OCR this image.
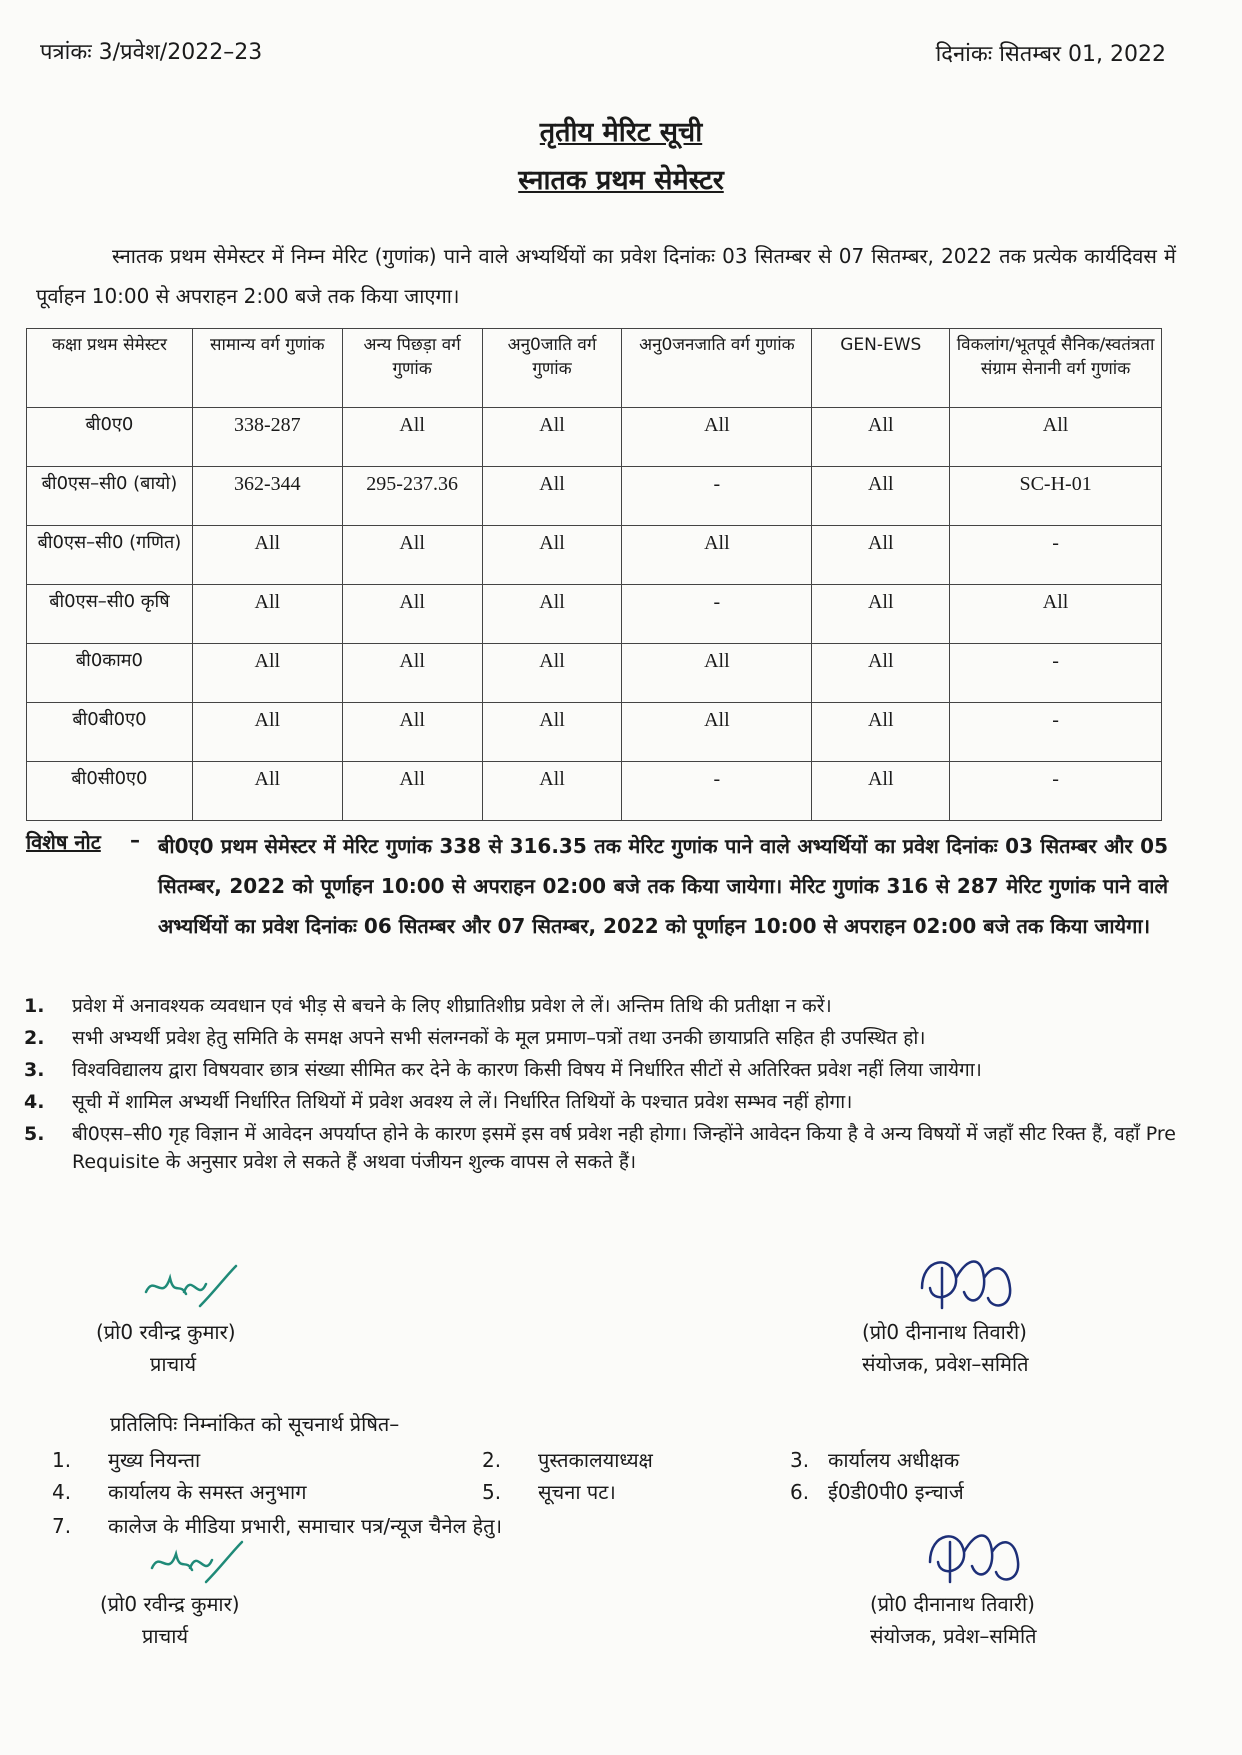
पत्रांकः 3/प्रवेश/2022–23	दिनांकः सितम्बर 01, 2022
तृतीय मेरिट सूची
स्नातक प्रथम सेमेस्टर
स्नातक प्रथम सेमेस्टर में निम्न मेरिट (गुणांक) पाने वाले अभ्यर्थियों का प्रवेश दिनांकः 03 सितम्बर से 07 सितम्बर, 2022 तक प्रत्येक कार्यदिवस में पूर्वाहन 10:00 से अपराहन 2:00 बजे तक किया जाएगा।
कक्षा प्रथम सेमेस्टर	सामान्य वर्ग गुणांक	अन्य पिछड़ा वर्ग गुणांक	अनु0जाति वर्ग गुणांक	अनु0जनजाति वर्ग गुणांक	GEN-EWS	विकलांग/भूतपूर्व सैनिक/स्वतंत्रता संग्राम सेनानी वर्ग गुणांक
बी0ए0	338-287	All	All	All	All	All
बी0एस–सी0 (बायो)	362-344	295-237.36	All	-	All	SC-H-01
बी0एस–सी0 (गणित)	All	All	All	All	All	-
बी0एस–सी0 कृषि	All	All	All	-	All	All
बी0काम0	All	All	All	All	All	-
बी0बी0ए0	All	All	All	All	All	-
बी0सी0ए0	All	All	All	-	All	-
विशेष नोट – बी0ए0 प्रथम सेमेस्टर में मेरिट गुणांक 338 से 316.35 तक मेरिट गुणांक पाने वाले अभ्यर्थियों का प्रवेश दिनांकः 03 सितम्बर और 05 सितम्बर, 2022 को पूर्णाहन 10:00 से अपराहन 02:00 बजे तक किया जायेगा। मेरिट गुणांक 316 से 287 मेरिट गुणांक पाने वाले अभ्यर्थियों का प्रवेश दिनांकः 06 सितम्बर और 07 सितम्बर, 2022 को पूर्णाहन 10:00 से अपराहन 02:00 बजे तक किया जायेगा।
1. प्रवेश में अनावश्यक व्यवधान एवं भीड़ से बचने के लिए शीघ्रातिशीघ्र प्रवेश ले लें। अन्तिम तिथि की प्रतीक्षा न करें।
2. सभी अभ्यर्थी प्रवेश हेतु समिति के समक्ष अपने सभी संलग्नकों के मूल प्रमाण–पत्रों तथा उनकी छायाप्रति सहित ही उपस्थित हो।
3. विश्वविद्यालय द्वारा विषयवार छात्र संख्या सीमित कर देने के कारण किसी विषय में निर्धारित सीटों से अतिरिक्त प्रवेश नहीं लिया जायेगा।
4. सूची में शामिल अभ्यर्थी निर्धारित तिथियों में प्रवेश अवश्य ले लें। निर्धारित तिथियों के पश्चात प्रवेश सम्भव नहीं होगा।
5. बी0एस–सी0 गृह विज्ञान में आवेदन अपर्याप्त होने के कारण इसमें इस वर्ष प्रवेश नही होगा। जिन्होंने आवेदन किया है वे अन्य विषयों में जहाँ सीट रिक्त हैं, वहाँ Pre Requisite के अनुसार प्रवेश ले सकते हैं अथवा पंजीयन शुल्क वापस ले सकते हैं।
(प्रो0 रवीन्द्र कुमार)
प्राचार्य
(प्रो0 दीनानाथ तिवारी)
संयोजक, प्रवेश–समिति
प्रतिलिपिः निम्नांकित को सूचनार्थ प्रेषित–
1. मुख्य नियन्ता	2. पुस्तकालयाध्यक्ष	3. कार्यालय अधीक्षक
4. कार्यालय के समस्त अनुभाग	5. सूचना पट।	6. ई0डी0पी0 इन्चार्ज
7. कालेज के मीडिया प्रभारी, समाचार पत्र/न्यूज चैनेल हेतु।
(प्रो0 रवीन्द्र कुमार)
प्राचार्य
(प्रो0 दीनानाथ तिवारी)
संयोजक, प्रवेश–समिति
